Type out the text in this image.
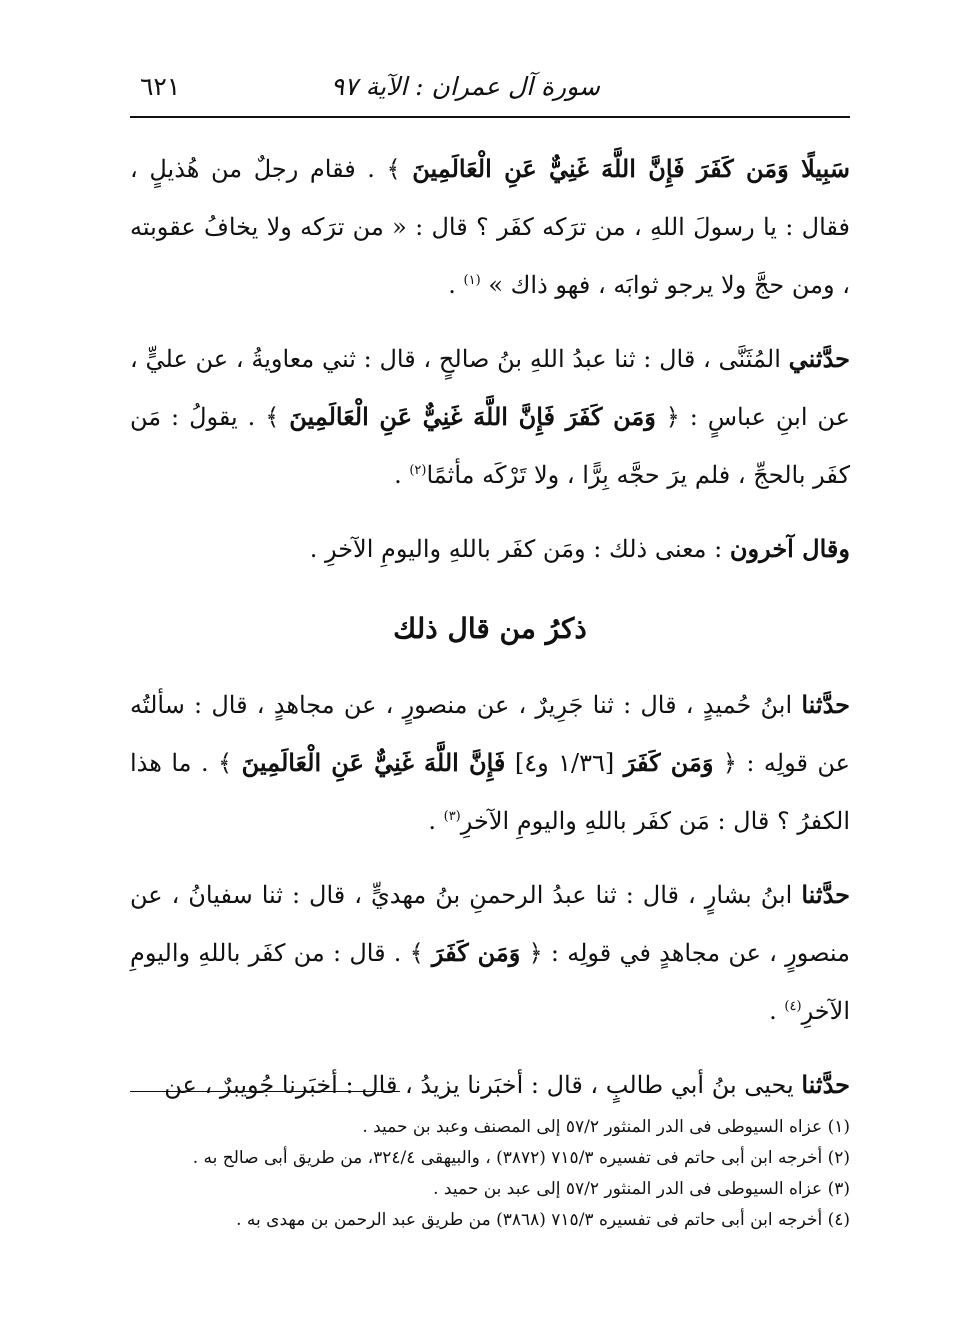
سورة آل عمران : الآية ٩٧
٦٢١

سَبِيلًا وَمَن كَفَرَ فَإِنَّ اللَّهَ غَنِيٌّ عَنِ الْعَالَمِينَ ﴾ . فقام رجلٌ من هُذيلٍ ، فقال : يا رسولَ اللهِ ، من ترَكه كفَر ؟ قال : « من ترَكه ولا يخافُ عقوبته ، ومن حجَّ ولا يرجو ثوابَه ، فهو ذاك » $^{(١)}$ .

حدَّثني المُثَنَّى ، قال : ثنا عبدُ اللهِ بنُ صالحٍ ، قال : ثني معاويةُ ، عن عليٍّ ، عن ابنِ عباسٍ : ﴿ وَمَن كَفَرَ فَإِنَّ اللَّهَ غَنِيٌّ عَنِ الْعَالَمِينَ ﴾ . يقولُ : مَن كفَر بالحجِّ ، فلم يرَ حجَّه بِرًّا ، ولا تَرْكَه مأثمًا$^{(٢)}$ .

وقال آخرون : معنى ذلك : ومَن كفَر باللهِ واليومِ الآخرِ .

ذكرُ من قال ذلك

حدَّثنا ابنُ حُميدٍ ، قال : ثنا جَرِيرٌ ، عن منصورٍ ، عن مجاهدٍ ، قال : سألتُه عن قولِه : ﴿ وَمَن كَفَرَ [١/٣٦ و٤] فَإِنَّ اللَّهَ غَنِيٌّ عَنِ الْعَالَمِينَ ﴾ . ما هذا الكفرُ ؟ قال : مَن كفَر باللهِ واليومِ الآخرِ$^{(٣)}$ .

حدَّثنا ابنُ بشارٍ ، قال : ثنا عبدُ الرحمنِ بنُ مهديٍّ ، قال : ثنا سفيانُ ، عن منصورٍ ، عن مجاهدٍ في قولِه : ﴿ وَمَن كَفَرَ ﴾ . قال : من كفَر باللهِ واليومِ الآخرِ$^{(٤)}$ .

حدَّثنا يحيى بنُ أبي طالبٍ ، قال : أخبَرنا يزيدُ ، قال : أخبَرنا جُويبرٌ ، عن

(١) عزاه السيوطى فى الدر المنثور ٥٧/٢ إلى المصنف وعبد بن حميد .

(٢) أخرجه ابن أبى حاتم فى تفسيره ٧١٥/٣ (٣٨٧٢) ، والبيهقى ٣٢٤/٤، من طريق أبى صالح به .

(٣) عزاه السيوطى فى الدر المنثور ٥٧/٢ إلى عبد بن حميد .

(٤) أخرجه ابن أبى حاتم فى تفسيره ٧١٥/٣ (٣٨٦٨) من طريق عبد الرحمن بن مهدى به .
